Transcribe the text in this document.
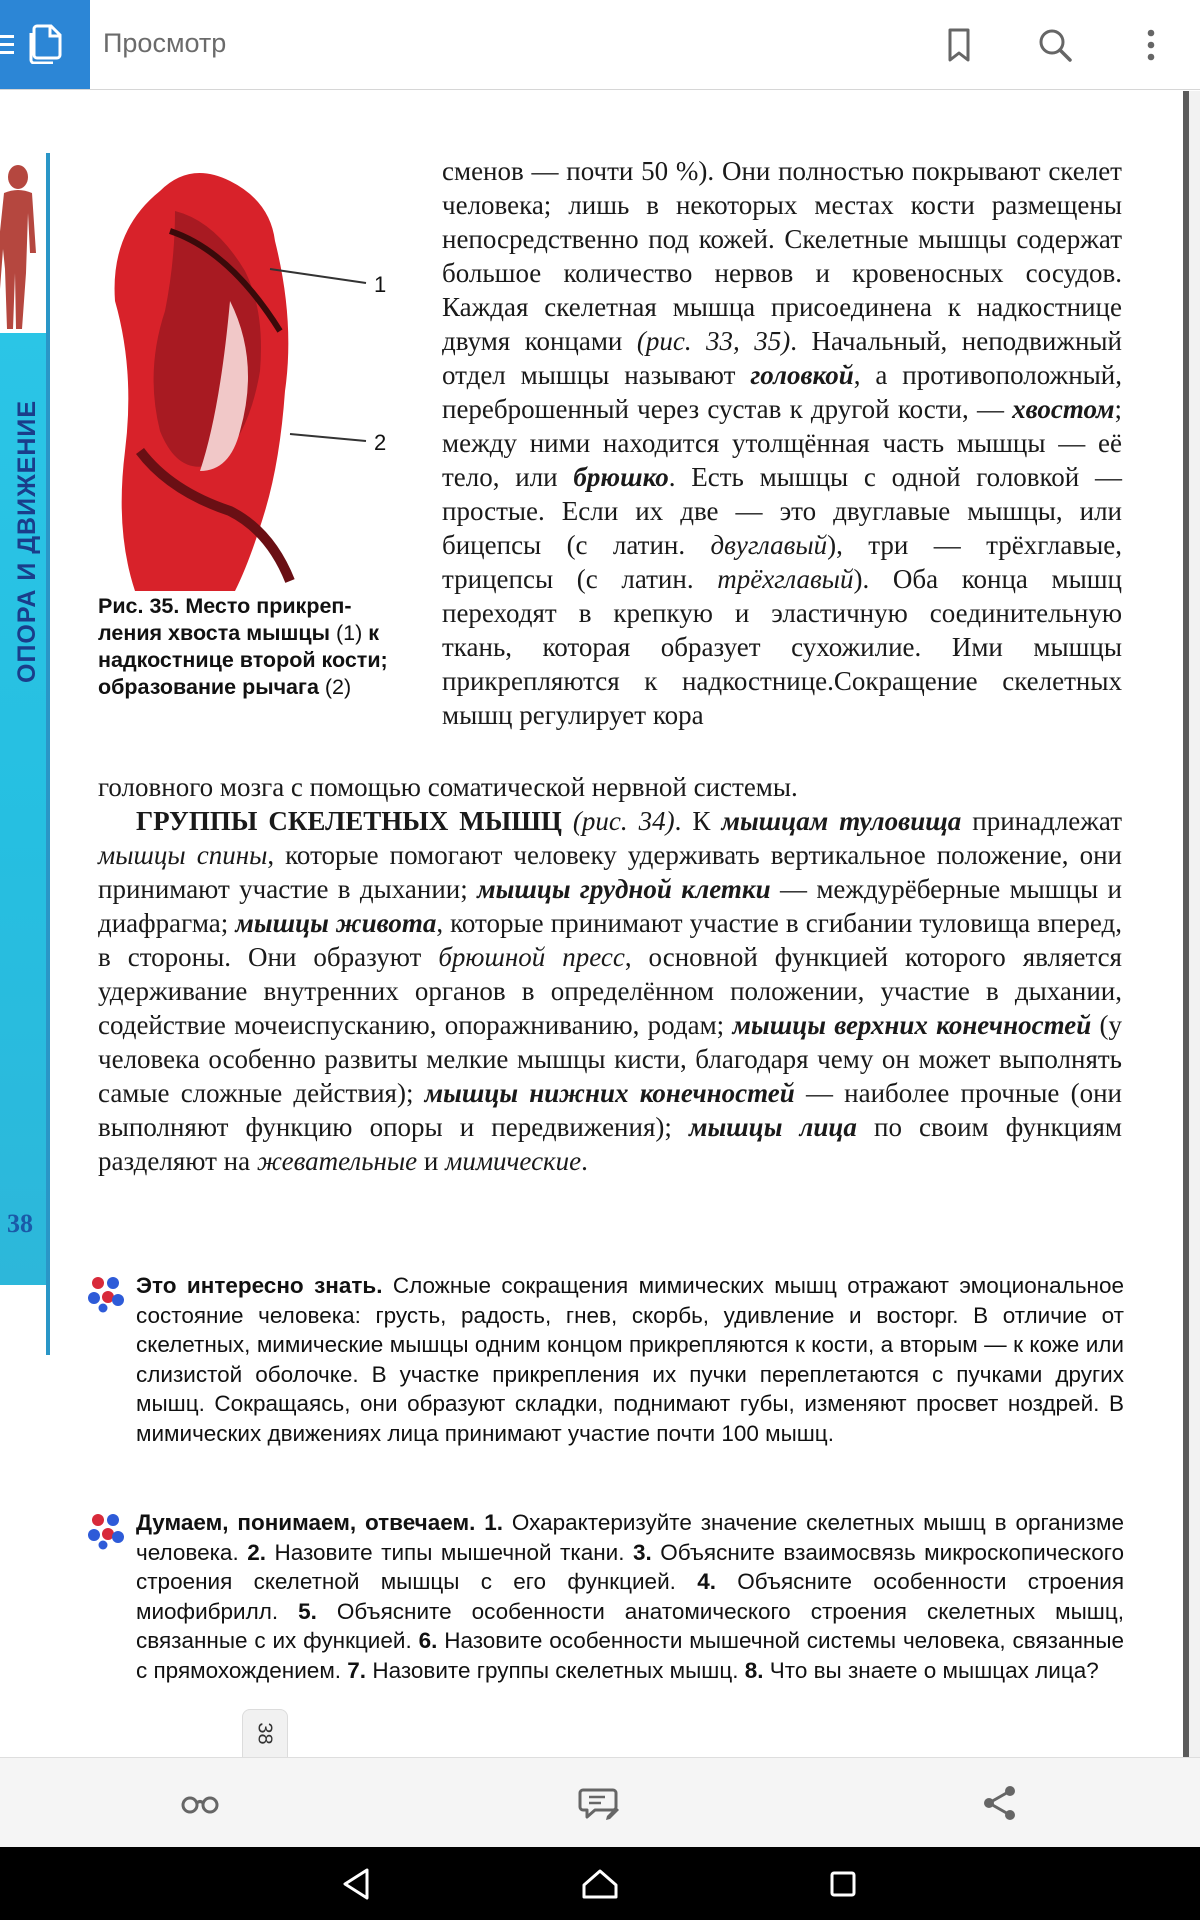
Просмотр
ОПОРА И ДВИЖЕНИЕ
38
1
2
Рис. 35. Место прикрепления хвоста мышцы (1) к надкостнице второй кости; образование рычага (2)
сменов — почти 50 %). Они полностью покрывают скелет человека; лишь в некоторых местах кости размещены непосредственно под кожей. Скелетные мышцы содержат большое количество нервов и кровеносных сосудов. Каждая скелетная мышца присоединена к надкостнице двумя концами (рис. 33, 35). Начальный, неподвижный отдел мышцы называют головкой, а противоположный, переброшенный через сустав к другой кости, — хвостом; между ними находится утолщённая часть мышцы — её тело, или брюшко. Есть мышцы с одной головкой — простые. Если их две — это двуглавые мышцы, или бицепсы (с латин. двуглавый), три — трёхглавые, трицепсы (с латин. трёхглавый). Оба конца мышц переходят в крепкую и эластичную соединительную ткань, которая образует сухожилие. Ими мышцы прикрепляются к надкостнице.Сокращение скелетных мышц регулирует кора

головного мозга с помощью соматической нервной системы.

ГРУППЫ СКЕЛЕТНЫХ МЫШЦ (рис. 34). К мышцам туловища принадлежат мышцы спины, которые помогают человеку удерживать вертикальное положение, они принимают участие в дыхании; мышцы грудной клетки — междурёберные мышцы и диафрагма; мышцы живота, которые принимают участие в сгибании туловища вперед, в стороны. Они образуют брюшной пресс, основной функцией которого является удерживание внутренних органов в определённом положении, участие в дыхании, содействие мочеиспусканию, опоражниванию, родам; мышцы верхних конечностей (у человека особенно развиты мелкие мышцы кисти, благодаря чему он может выполнять самые сложные действия); мышцы нижних конечностей — наиболее прочные (они выполняют функцию опоры и передвижения); мышцы лица по своим функциям разделяют на жевательные и мимические.

Это интересно знать. Сложные сокращения мимических мышц отражают эмоциональное состояние человека: грусть, радость, гнев, скорбь, удивление и восторг. В отличие от скелетных, мимические мышцы одним концом прикрепляются к кости, а вторым — к коже или слизистой оболочке. В участке прикрепления их пучки переплетаются с пучками других мышц. Сокращаясь, они образуют складки, поднимают губы, изменяют просвет ноздрей. В мимических движениях лица принимают участие почти 100 мышц.
Думаем, понимаем, отвечаем. 1. Охарактеризуйте значение скелетных мышц в организме человека. 2. Назовите типы мышечной ткани. 3. Объясните взаимосвязь микроскопического строения скелетной мышцы с его функцией. 4. Объясните особенности строения миофибрилл. 5. Объясните особенности анатомического строения скелетных мышц, связанные с их функцией. 6. Назовите особенности мышечной системы человека, связанные с прямохождением. 7. Назовите группы скелетных мышц. 8. Что вы знаете о мышцах лица?
38
